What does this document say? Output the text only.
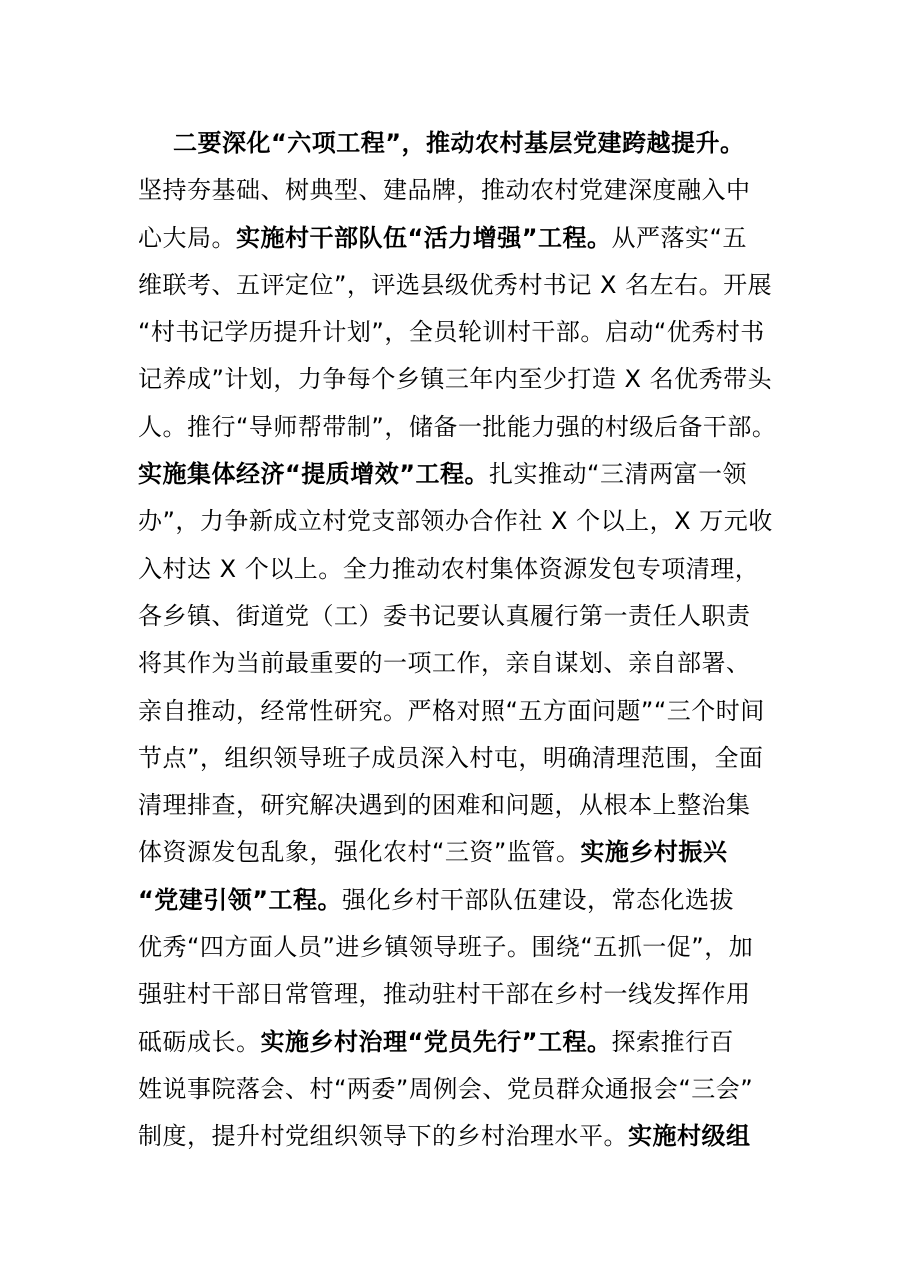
二要深化“六项工程”，推动农村基层党建跨越提升。
坚持夯基础、树典型、建品牌，推动农村党建深度融入中
心大局。实施村干部队伍“活力增强”工程。从严落实“五
维联考、五评定位”，评选县级优秀村书记 X 名左右。开展
“村书记学历提升计划”，全员轮训村干部。启动“优秀村书
记养成”计划，力争每个乡镇三年内至少打造 X 名优秀带头
人。推行“导师帮带制”，储备一批能力强的村级后备干部。
实施集体经济“提质增效”工程。扎实推动“三清两富一领
办”，力争新成立村党支部领办合作社 X 个以上，X 万元收
入村达 X 个以上。全力推动农村集体资源发包专项清理，
各乡镇、街道党（工）委书记要认真履行第一责任人职责
将其作为当前最重要的一项工作，亲自谋划、亲自部署、
亲自推动，经常性研究。严格对照“五方面问题”“三个时间
节点”，组织领导班子成员深入村屯，明确清理范围，全面
清理排查，研究解决遇到的困难和问题，从根本上整治集
体资源发包乱象，强化农村“三资”监管。实施乡村振兴
“党建引领”工程。强化乡村干部队伍建设，常态化选拔
优秀“四方面人员”进乡镇领导班子。围绕“五抓一促”，加
强驻村干部日常管理，推动驻村干部在乡村一线发挥作用
砥砺成长。实施乡村治理“党员先行”工程。探索推行百
姓说事院落会、村“两委”周例会、党员群众通报会“三会”
制度，提升村党组织领导下的乡村治理水平。实施村级组
